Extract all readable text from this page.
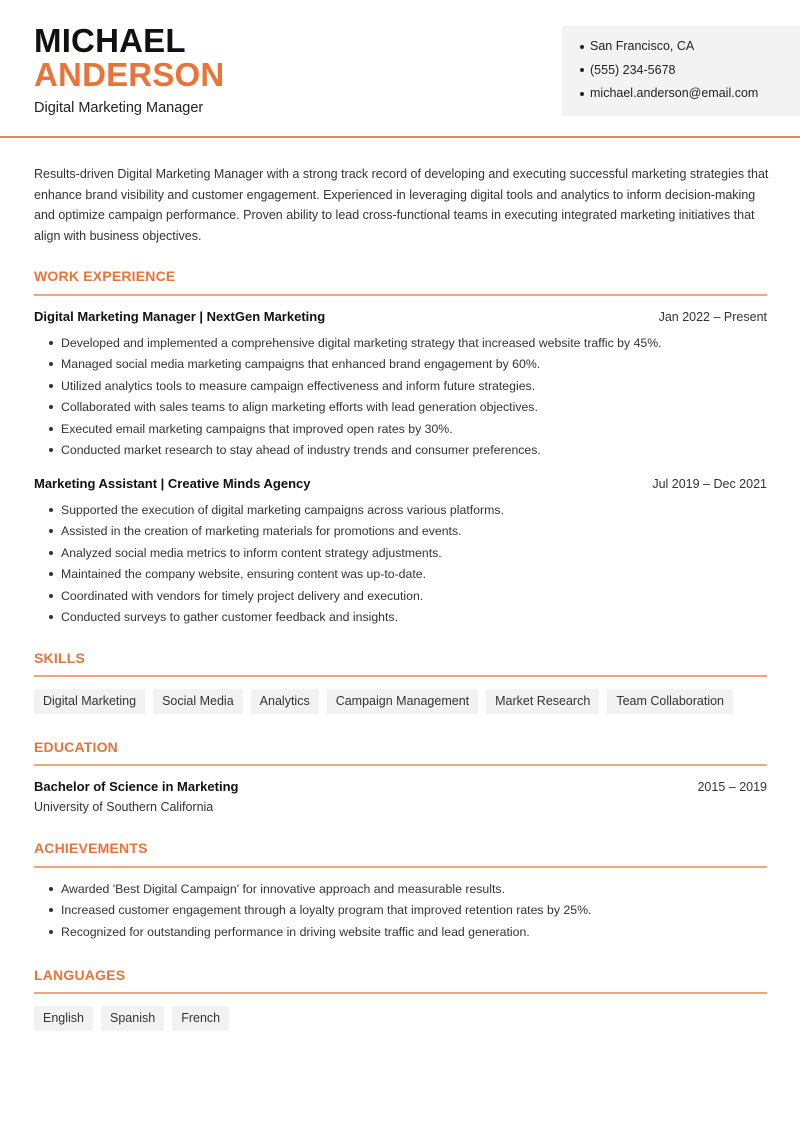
MICHAEL
ANDERSON
Digital Marketing Manager
San Francisco, CA
(555) 234-5678
michael.anderson@email.com
Results-driven Digital Marketing Manager with a strong track record of developing and executing successful marketing strategies that enhance brand visibility and customer engagement. Experienced in leveraging digital tools and analytics to inform decision-making and optimize campaign performance. Proven ability to lead cross-functional teams in executing integrated marketing initiatives that align with business objectives.
WORK EXPERIENCE
Digital Marketing Manager | NextGen Marketing	Jan 2022 – Present
Developed and implemented a comprehensive digital marketing strategy that increased website traffic by 45%.
Managed social media marketing campaigns that enhanced brand engagement by 60%.
Utilized analytics tools to measure campaign effectiveness and inform future strategies.
Collaborated with sales teams to align marketing efforts with lead generation objectives.
Executed email marketing campaigns that improved open rates by 30%.
Conducted market research to stay ahead of industry trends and consumer preferences.
Marketing Assistant | Creative Minds Agency	Jul 2019 – Dec 2021
Supported the execution of digital marketing campaigns across various platforms.
Assisted in the creation of marketing materials for promotions and events.
Analyzed social media metrics to inform content strategy adjustments.
Maintained the company website, ensuring content was up-to-date.
Coordinated with vendors for timely project delivery and execution.
Conducted surveys to gather customer feedback and insights.
SKILLS
Digital Marketing	Social Media	Analytics	Campaign Management	Market Research	Team Collaboration
EDUCATION
Bachelor of Science in Marketing	2015 – 2019
University of Southern California
ACHIEVEMENTS
Awarded 'Best Digital Campaign' for innovative approach and measurable results.
Increased customer engagement through a loyalty program that improved retention rates by 25%.
Recognized for outstanding performance in driving website traffic and lead generation.
LANGUAGES
English	Spanish	French
